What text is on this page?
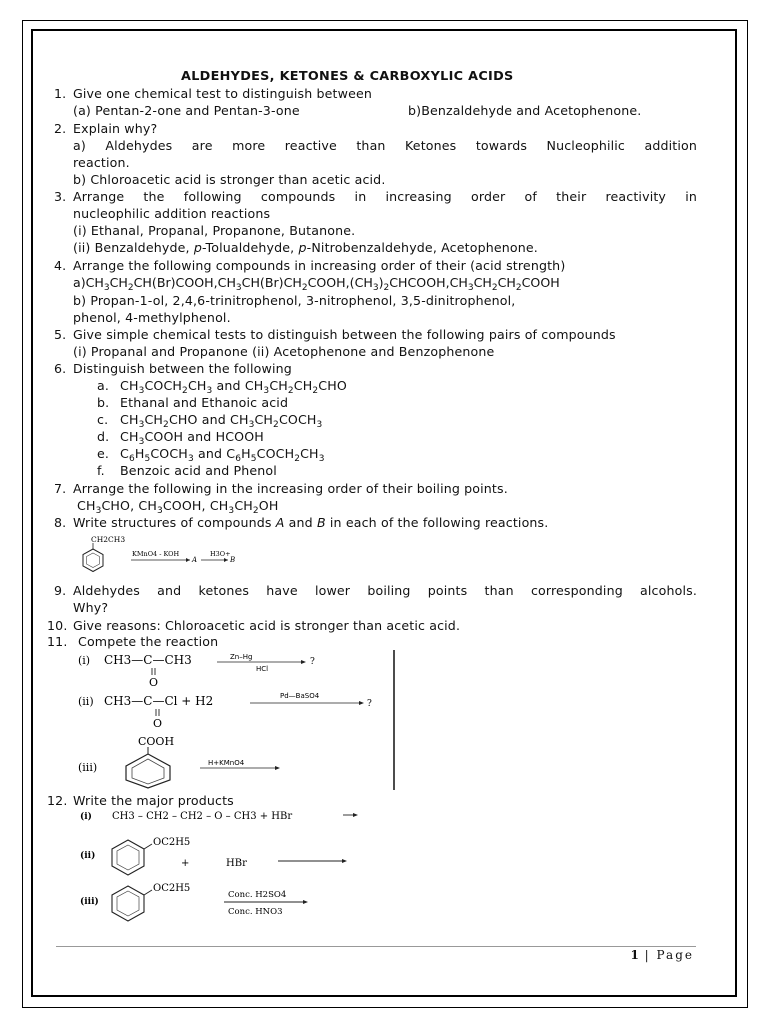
ALDEHYDES, KETONES & CARBOXYLIC ACIDS
1. Give one chemical test to distinguish between
(a) Pentan-2-one and Pentan-3-one	b)Benzaldehyde and Acetophenone.
2. Explain why?
a) Aldehydes are more reactive than Ketones towards Nucleophilic addition
reaction.
b) Chloroacetic acid is stronger than acetic acid.
3. Arrange the following compounds in increasing order of their reactivity in
nucleophilic addition reactions
(i) Ethanal, Propanal, Propanone, Butanone.
(ii) Benzaldehyde, p-Tolualdehyde, p-Nitrobenzaldehyde, Acetophenone.
4. Arrange the following compounds in increasing order of their (acid strength)
$a)CH_3CH_2CH(Br)COOH,CH_3CH(Br)CH_2COOH,(CH_3)_2CHCOOH,CH_3CH_2CH_2COOH$
b) Propan-1-ol, 2,4,6-trinitrophenol, 3-nitrophenol, 3,5-dinitrophenol,
phenol, 4-methylphenol.
5. Give simple chemical tests to distinguish between the following pairs of compounds
(i) Propanal and Propanone (ii) Acetophenone and Benzophenone
6. Distinguish between the following
a. $CH_3COCH_2CH_3$ and $CH_3CH_2CH_2CHO$
b. Ethanal and Ethanoic acid
c. $CH_3CH_2CHO$ and $CH_3CH_2COCH_3$
d. $CH_3COOH$ and HCOOH
e. $C_6H_5COCH_3$ and $C_6H_5COCH_2CH_3$
f. Benzoic acid and Phenol
7. Arrange the following in the increasing order of their boiling points.
$CH_3CHO$, $CH_3COOH$, $CH_3CH_2OH$
8. Write structures of compounds A and B in each of the following reactions.
CH2CH3
KMnO4 - KOH
A
H3O+
B
9. Aldehydes and ketones have lower boiling points than corresponding alcohols.
Why?
10. Give reasons: Chloroacetic acid is stronger than acetic acid.
11. Compete the reaction
(i) CH3—C—CH3
O
Zn–Hg
HCl
?
(ii) CH3—C—Cl + H2
O
Pd—BaSO4
?
(iii)
COOH
H+KMnO4
12. Write the major products
(i) CH3 – CH2 – CH2 – O – CH3 + HBr
(ii)
OC2H5
+	HBr
(iii)
OC2H5
Conc. H2SO4
Conc. HNO3
1 | Page
